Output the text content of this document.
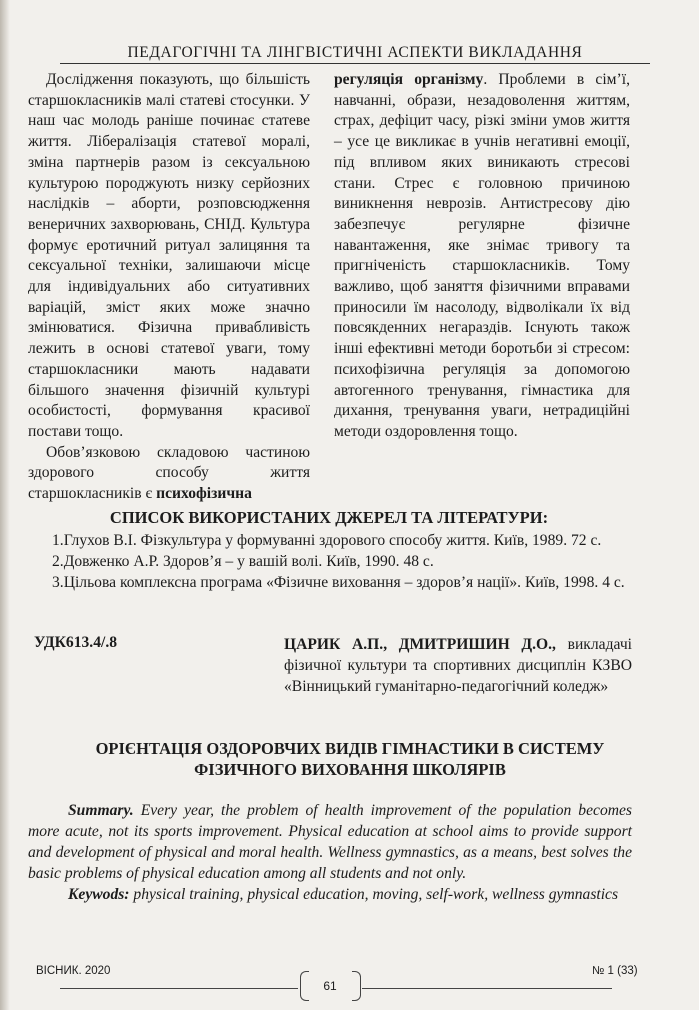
ПЕДАГОГІЧНІ ТА ЛІНГВІСТИЧНІ АСПЕКТИ ВИКЛАДАННЯ

Дослідження показують, що більшість старшокласників малі статеві стосунки. У наш час молодь раніше починає статеве життя. Лібералізація статевої моралі, зміна партнерів разом із сексуальною культурою породжують низку серйозних наслідків – аборти, розповсюдження венеричних захворювань, СНІД. Культура формує еротичний ритуал залицяння та сексуальної техніки, залишаючи місце для індивідуальних або ситуативних варіацій, зміст яких може значно змінюватися. Фізична привабливість лежить в основі статевої уваги, тому старшокласники мають надавати більшого значення фізичній культурі особистості, формування красивої постави тощо.

Обов’язковою складовою частиною здорового способу життя старшокласників є психофізична

регуляція організму. Проблеми в сім’ї, навчанні, образи, незадоволення життям, страх, дефіцит часу, різкі зміни умов життя – усе це викликає в учнів негативні емоції, під впливом яких виникають стресові стани. Стрес є головною причиною виникнення неврозів. Антистресову дію забезпечує регулярне фізичне навантаження, яке знімає тривогу та пригніченість старшокласників. Тому важливо, щоб заняття фізичними вправами приносили їм насолоду, відволікали їх від повсякденних негараздів. Існують також інші ефективні методи боротьби зі стресом: психофізична регуляція за допомогою автогенного тренування, гімнастика для дихання, тренування уваги, нетрадиційні методи оздоровлення тощо.

СПИСОК ВИКОРИСТАНИХ ДЖЕРЕЛ ТА ЛІТЕРАТУРИ:
1.Глухов В.І. Фізкультура у формуванні здорового способу життя. Київ, 1989. 72 с.
2.Довженко А.Р. Здоров’я – у вашій волі. Київ, 1990. 48 с.
3.Цільова комплексна програма «Фізичне виховання – здоров’я нації». Київ, 1998. 4 с.
УДК613.4/.8	ЦАРИК А.П., ДМИТРИШИН Д.О., викладачі фізичної культури та спортивних дисциплін КЗВО «Вінницький гуманітарно-педагогічний коледж»
ОРІЄНТАЦІЯ ОЗДОРОВЧИХ ВИДІВ ГІМНАСТИКИ В СИСТЕМУ ФІЗИЧНОГО ВИХОВАННЯ ШКОЛЯРІВ

Summary. Every year, the problem of health improvement of the population becomes more acute, not its sports improvement. Physical education at school aims to provide support and development of physical and moral health. Wellness gymnastics, as a means, best solves the basic problems of physical education among all students and not only.

Keywods: physical training, physical education, moving, self-work, wellness gymnastics

ВІСНИК. 2020
61
№ 1 (33)
